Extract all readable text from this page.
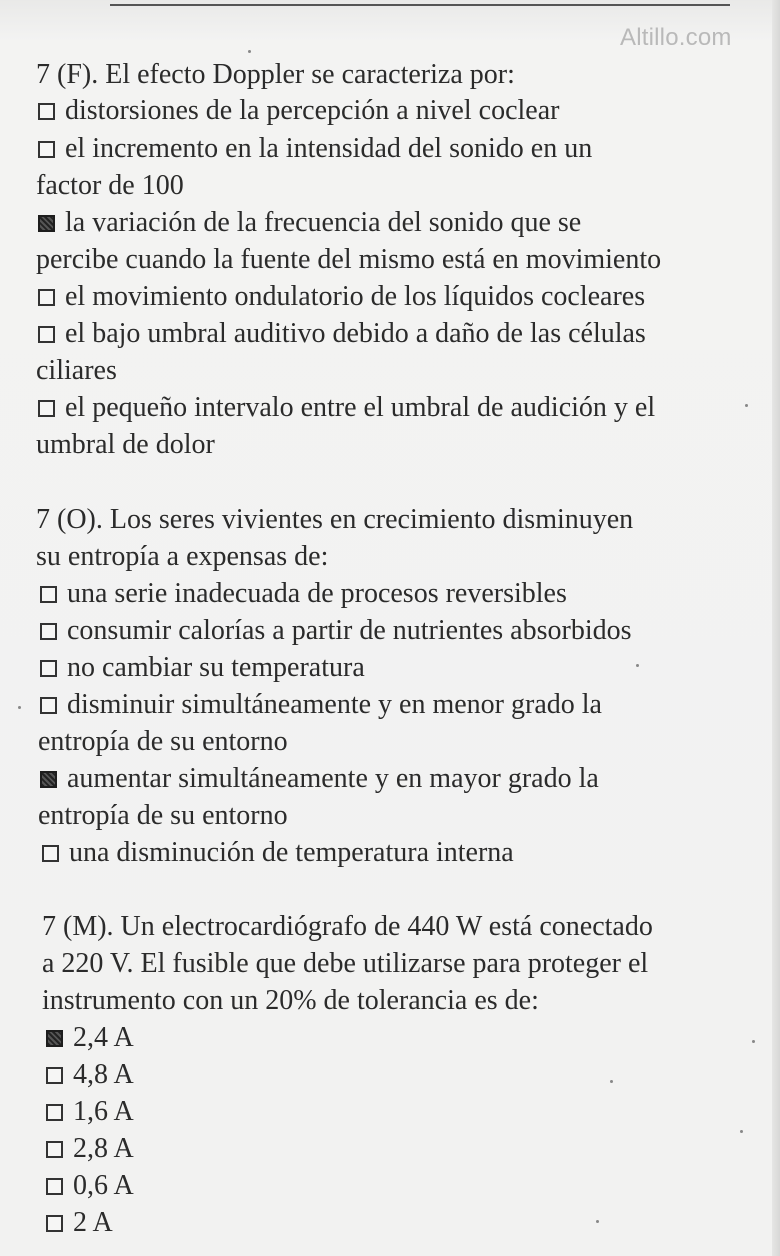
Altillo.com
7 (F). El efecto Doppler se caracteriza por:
distorsiones de la percepción a nivel coclear
el incremento en la intensidad del sonido en un
factor de 100
la variación de la frecuencia del sonido que se
percibe cuando la fuente del mismo está en movimiento
el movimiento ondulatorio de los líquidos cocleares
el bajo umbral auditivo debido a daño de las células
ciliares
el pequeño intervalo entre el umbral de audición y el
umbral de dolor
7 (O). Los seres vivientes en crecimiento disminuyen
su entropía a expensas de:
una serie inadecuada de procesos reversibles
consumir calorías a partir de nutrientes absorbidos
no cambiar su temperatura
disminuir simultáneamente y en menor grado la
entropía de su entorno
aumentar simultáneamente y en mayor grado la
entropía de su entorno
una disminución de temperatura interna
7 (M). Un electrocardiógrafo de 440 W está conectado
a 220 V. El fusible que debe utilizarse para proteger el
instrumento con un 20% de tolerancia es de:
2,4 A
4,8 A
1,6 A
2,8 A
0,6 A
2 A
